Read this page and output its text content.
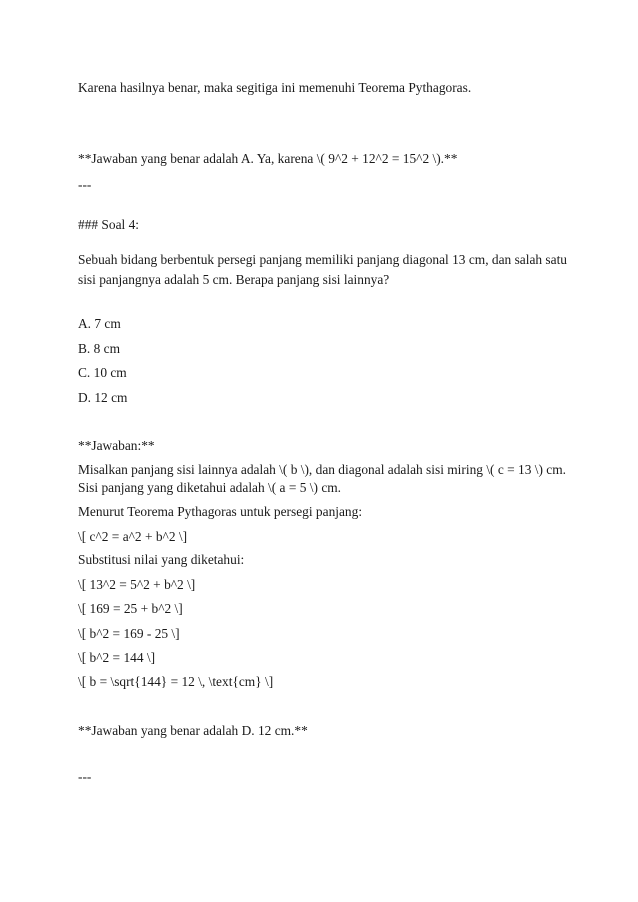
Karena hasilnya benar, maka segitiga ini memenuhi Teorema Pythagoras.
**Jawaban yang benar adalah A. Ya, karena \( 9^2 + 12^2 = 15^2 \).**
---
### Soal 4:
Sebuah bidang berbentuk persegi panjang memiliki panjang diagonal 13 cm, dan salah satu
sisi panjangnya adalah 5 cm. Berapa panjang sisi lainnya?
A. 7 cm
B. 8 cm
C. 10 cm
D. 12 cm
**Jawaban:**
Misalkan panjang sisi lainnya adalah \( b \), dan diagonal adalah sisi miring \( c = 13 \) cm.
Sisi panjang yang diketahui adalah \( a = 5 \) cm.
Menurut Teorema Pythagoras untuk persegi panjang:
\[ c^2 = a^2 + b^2 \]
Substitusi nilai yang diketahui:
\[ 13^2 = 5^2 + b^2 \]
\[ 169 = 25 + b^2 \]
\[ b^2 = 169 - 25 \]
\[ b^2 = 144 \]
\[ b = \sqrt{144} = 12 \, \text{cm} \]
**Jawaban yang benar adalah D. 12 cm.**
---
